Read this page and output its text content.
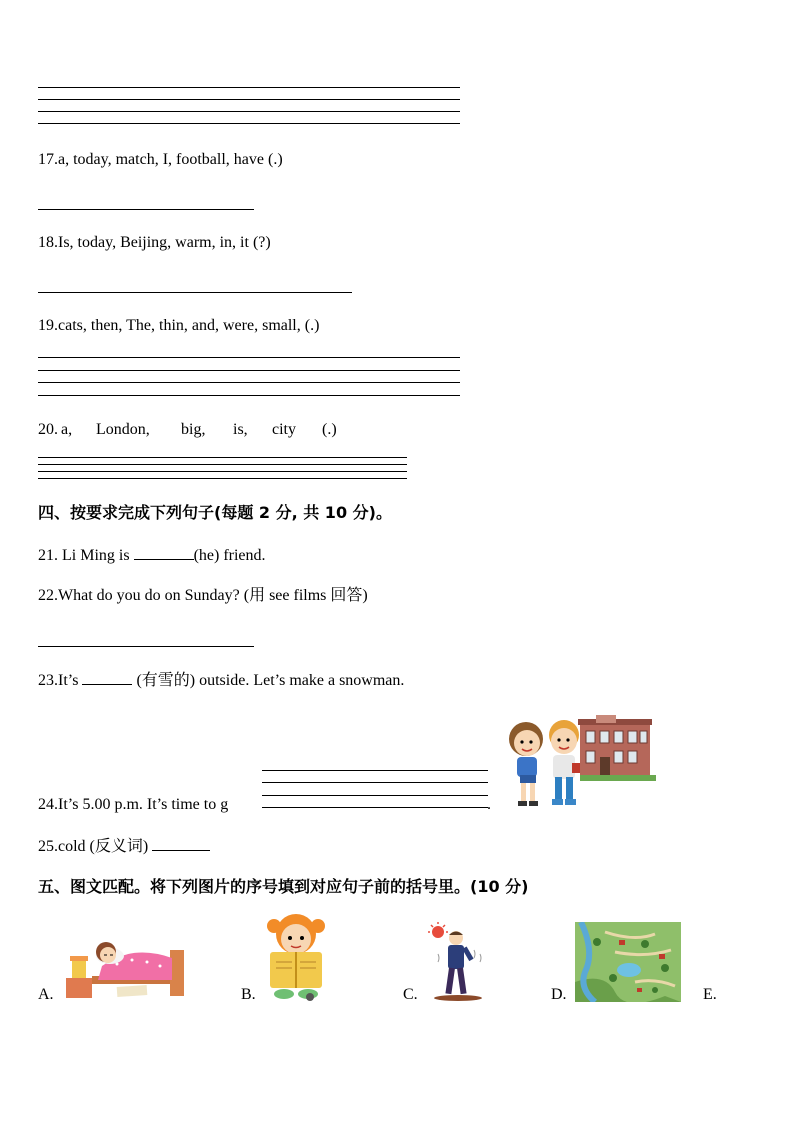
17.a, today, match, I, football, have (.)
18.Is, today, Beijing, warm, in, it (?)
19.cats, then, The, thin, and, were, small, (.)
20. a, London, big, is, city (.)
四、按要求完成下列句子(每题 2 分, 共 10 分)。
21. Li Ming is	(he) friend.
22.What do you do on Sunday? (用 see films 回答)
23.It’s	(有雪的) outside. Let’s make a snowman.
24.It’s 5.00 p.m. It’s time to g	.
25.cold (反义词)
五、图文匹配。将下列图片的序号填到对应句子前的括号里。(10 分)
A.	B.	C.	D.	E.
